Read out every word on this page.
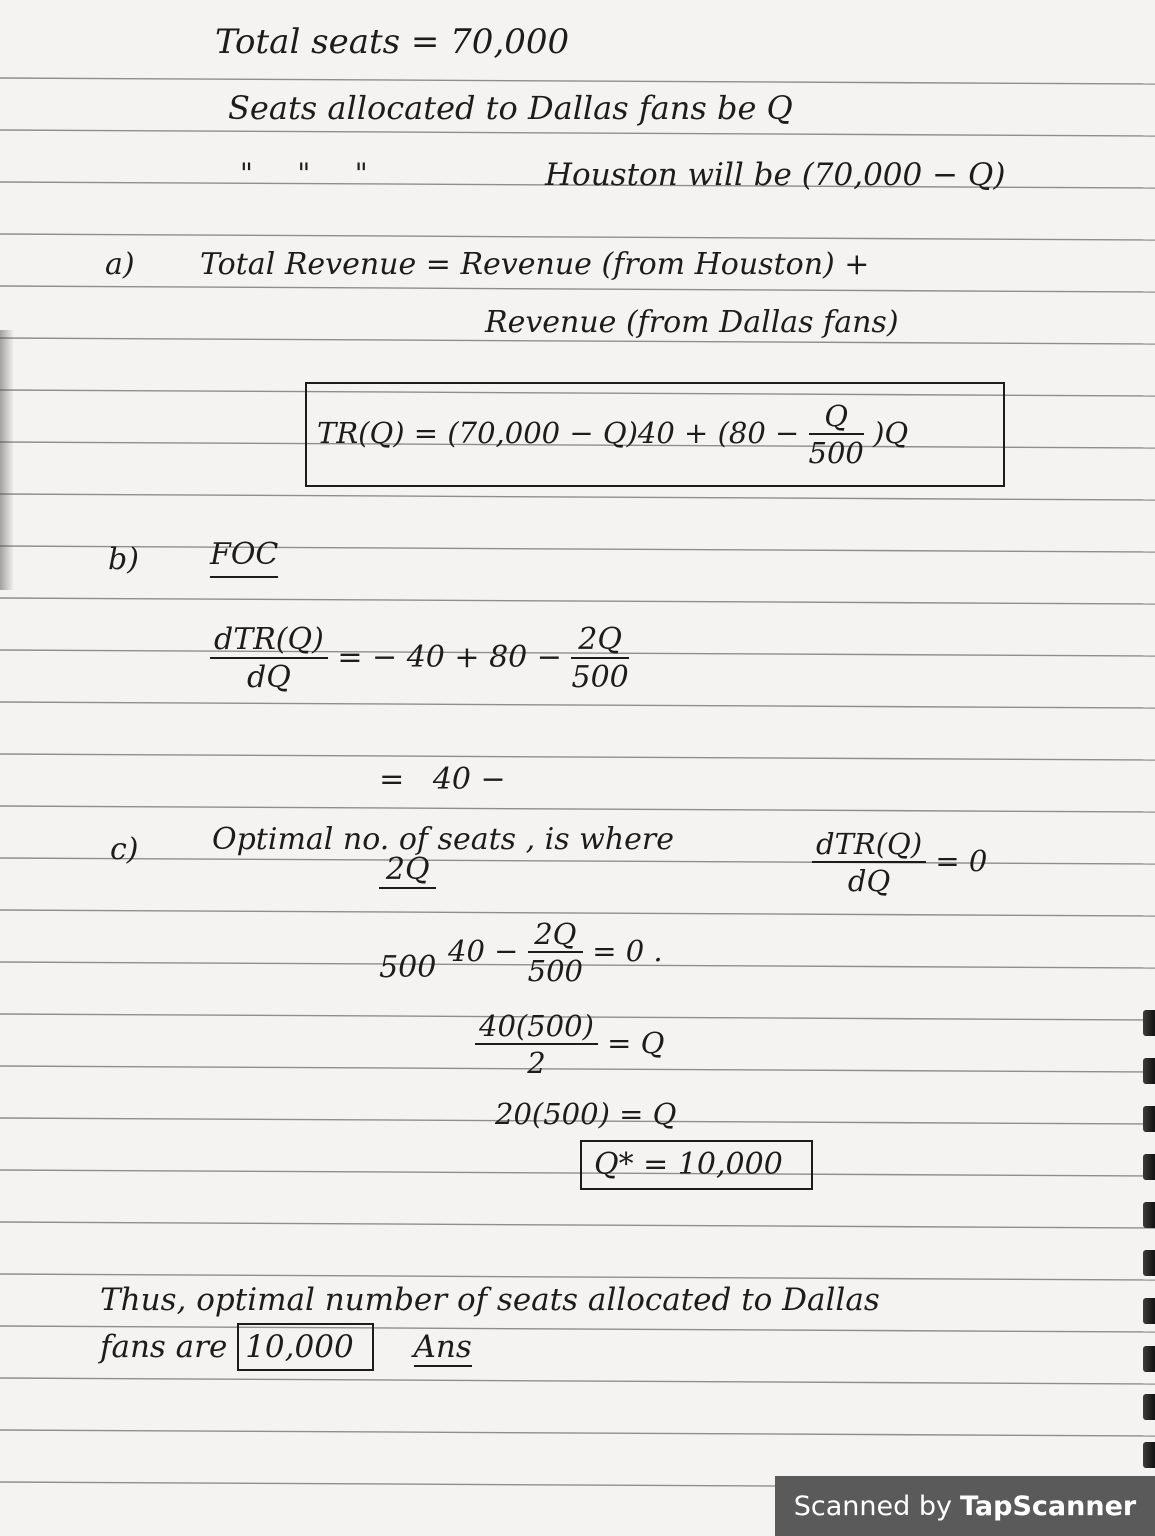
Total seats = 70,000
Seats allocated to Dallas fans be Q
"     "     "	Houston will be (70,000 − Q)
a) Total Revenue = Revenue (from Houston) +
Revenue (from Dallas fans)
$TR(Q) = (70,000 - Q)40 + (80 - \frac{Q}{500} )Q$
b) FOC
$\frac{\text{dTR(Q)}}{dQ}$ = − $40 + 80 - \frac{2Q}{500}$

=   40 −

$\frac{2Q}{500}$

c) Optimal no. of seats , is where	$\frac{\text{dTR(Q)}}{dQ} = 0$
$40 - \frac{2Q}{500} = 0$ .
$\frac{40(500)}{2} = Q$
20(500) = Q
Q* = 10,000
Thus, optimal number of seats allocated to Dallas
fans are 10,000 Ans
Scanned by TapScanner
